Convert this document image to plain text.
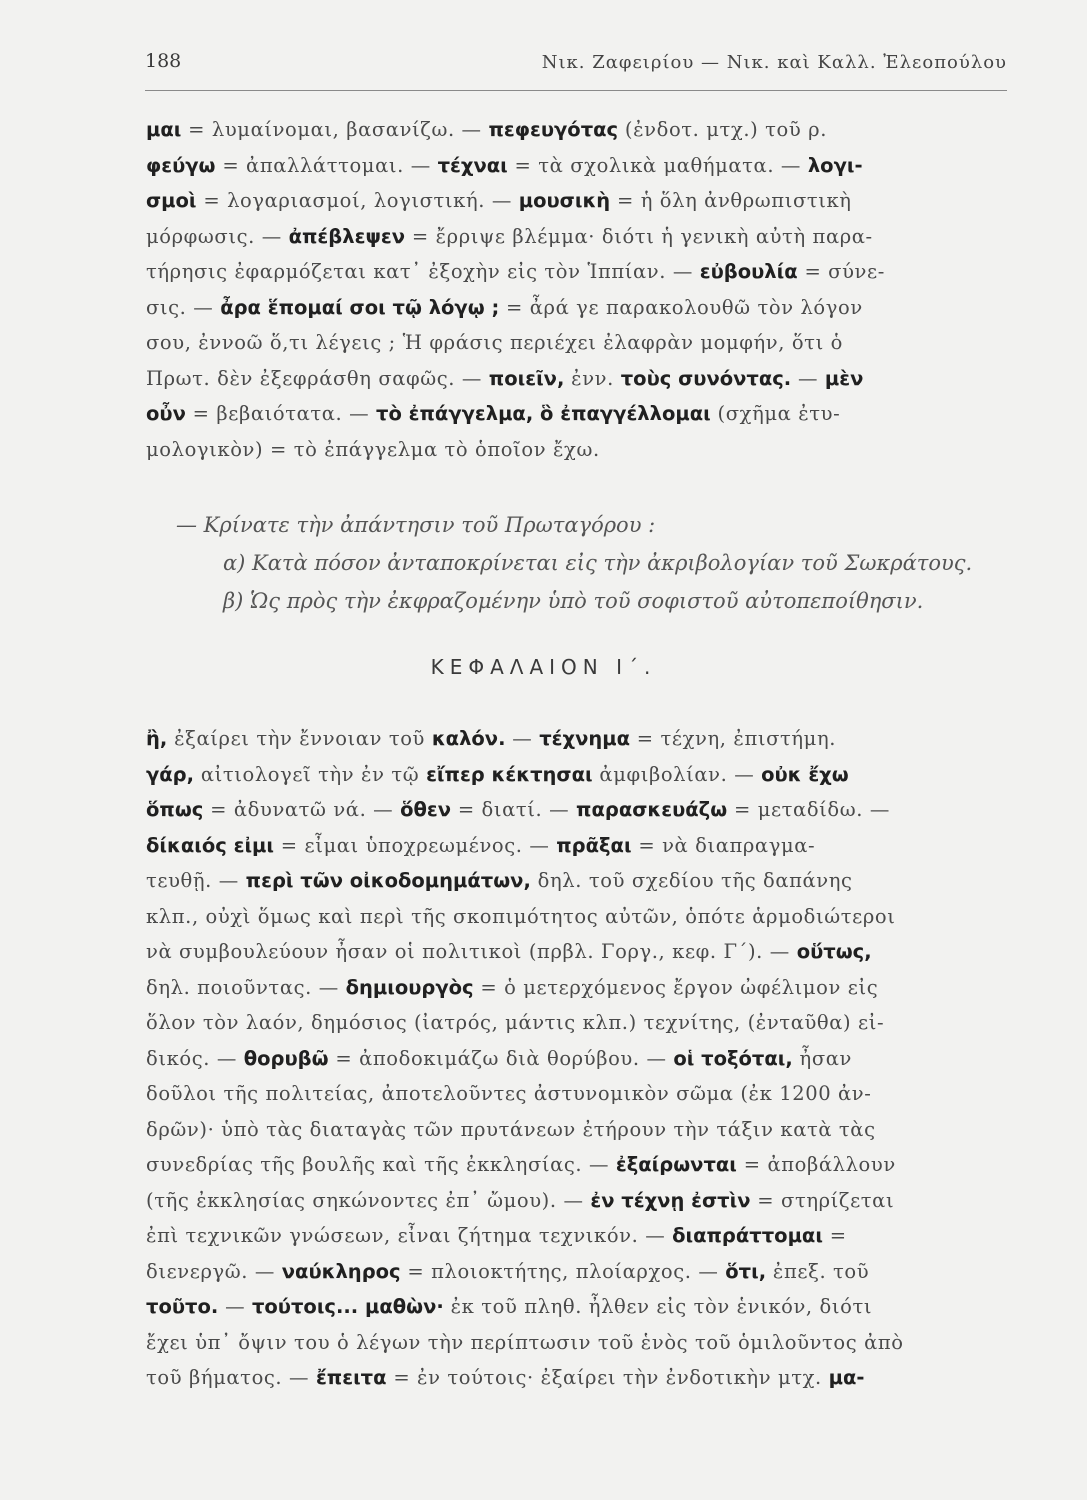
188	Νικ. Ζαφειρίου — Νικ. καὶ Καλλ. Ἐλεοπούλου
μαι = λυμαίνομαι, βασανίζω. — πεφευγότας (ἐνδοτ. μτχ.) τοῦ ρ.
φεύγω = ἀπαλλάττομαι. — τέχναι = τὰ σχολικὰ μαθήματα. — λογι-
σμοὶ = λογαριασμοί, λογιστική. — μουσικὴ = ἡ ὅλη ἀνθρωπιστικὴ
μόρφωσις. — ἀπέβλεψεν = ἔρριψε βλέμμα· διότι ἡ γενικὴ αὐτὴ παρα-
τήρησις ἐφαρμόζεται κατ᾽ ἐξοχὴν εἰς τὸν Ἱππίαν. — εὐβουλία = σύνε-
σις. — ἆρα ἕπομαί σοι τῷ λόγῳ ; = ἆρά γε παρακολουθῶ τὸν λόγον
σου, ἐννοῶ ὅ,τι λέγεις ; Ἡ φράσις περιέχει ἐλαφρὰν μομφήν, ὅτι ὁ
Πρωτ. δὲν ἐξεφράσθη σαφῶς. — ποιεῖν, ἐνν. τοὺς συνόντας. — μὲν
οὖν = βεβαιότατα. — τὸ ἐπάγγελμα, ὃ ἐπαγγέλλομαι (σχῆμα ἐτυ-
μολογικὸν) = τὸ ἐπάγγελμα τὸ ὁποῖον ἔχω.
— Κρίνατε τὴν ἀπάντησιν τοῦ Πρωταγόρου :
α) Κατὰ πόσον ἀνταποκρίνεται εἰς τὴν ἀκριβολογίαν τοῦ Σωκράτους.
β) Ὡς πρὸς τὴν ἐκφραζομένην ὑπὸ τοῦ σοφιστοῦ αὐτοπεποίθησιν.
ΚΕΦΑΛΑΙΟΝ Ι΄.
ἢ, ἐξαίρει τὴν ἔννοιαν τοῦ καλόν. — τέχνημα = τέχνη, ἐπιστήμη.
γάρ, αἰτιολογεῖ τὴν ἐν τῷ εἴπερ κέκτησαι ἀμφιβολίαν. — οὐκ ἔχω
ὅπως = ἀδυνατῶ νά. — ὅθεν = διατί. — παρασκευάζω = μεταδίδω. —
δίκαιός εἰμι = εἶμαι ὑποχρεωμένος. — πρᾶξαι = νὰ διαπραγμα-
τευθῇ. — περὶ τῶν οἰκοδομημάτων, δηλ. τοῦ σχεδίου τῆς δαπάνης
κλπ., οὐχὶ ὅμως καὶ περὶ τῆς σκοπιμότητος αὐτῶν, ὁπότε ἁρμοδιώτεροι
νὰ συμβουλεύουν ἦσαν οἱ πολιτικοὶ (πρβλ. Γοργ., κεφ. Γ΄). — οὕτως,
δηλ. ποιοῦντας. — δημιουργὸς = ὁ μετερχόμενος ἔργον ὠφέλιμον εἰς
ὅλον τὸν λαόν, δημόσιος (ἰατρός, μάντις κλπ.) τεχνίτης, (ἐνταῦθα) εἰ-
δικός. — θορυβῶ = ἀποδοκιμάζω διὰ θορύβου. — οἱ τοξόται, ἦσαν
δοῦλοι τῆς πολιτείας, ἀποτελοῦντες ἀστυνομικὸν σῶμα (ἐκ 1200 ἀν-
δρῶν)· ὑπὸ τὰς διαταγὰς τῶν πρυτάνεων ἐτήρουν τὴν τάξιν κατὰ τὰς
συνεδρίας τῆς βουλῆς καὶ τῆς ἐκκλησίας. — ἐξαίρωνται = ἀποβάλλουν
(τῆς ἐκκλησίας σηκώνοντες ἐπ᾽ ὤμου). — ἐν τέχνῃ ἐστὶν = στηρίζεται
ἐπὶ τεχνικῶν γνώσεων, εἶναι ζήτημα τεχνικόν. — διαπράττομαι =
διενεργῶ. — ναύκληρος = πλοιοκτήτης, πλοίαρχος. — ὅτι, ἐπεξ. τοῦ
τοῦτο. — τούτοις... μαθὼν· ἐκ τοῦ πληθ. ἦλθεν εἰς τὸν ἑνικόν, διότι
ἔχει ὑπ᾽ ὄψιν του ὁ λέγων τὴν περίπτωσιν τοῦ ἑνὸς τοῦ ὁμιλοῦντος ἀπὸ
τοῦ βήματος. — ἔπειτα = ἐν τούτοις· ἐξαίρει τὴν ἐνδοτικὴν μτχ. μα-
